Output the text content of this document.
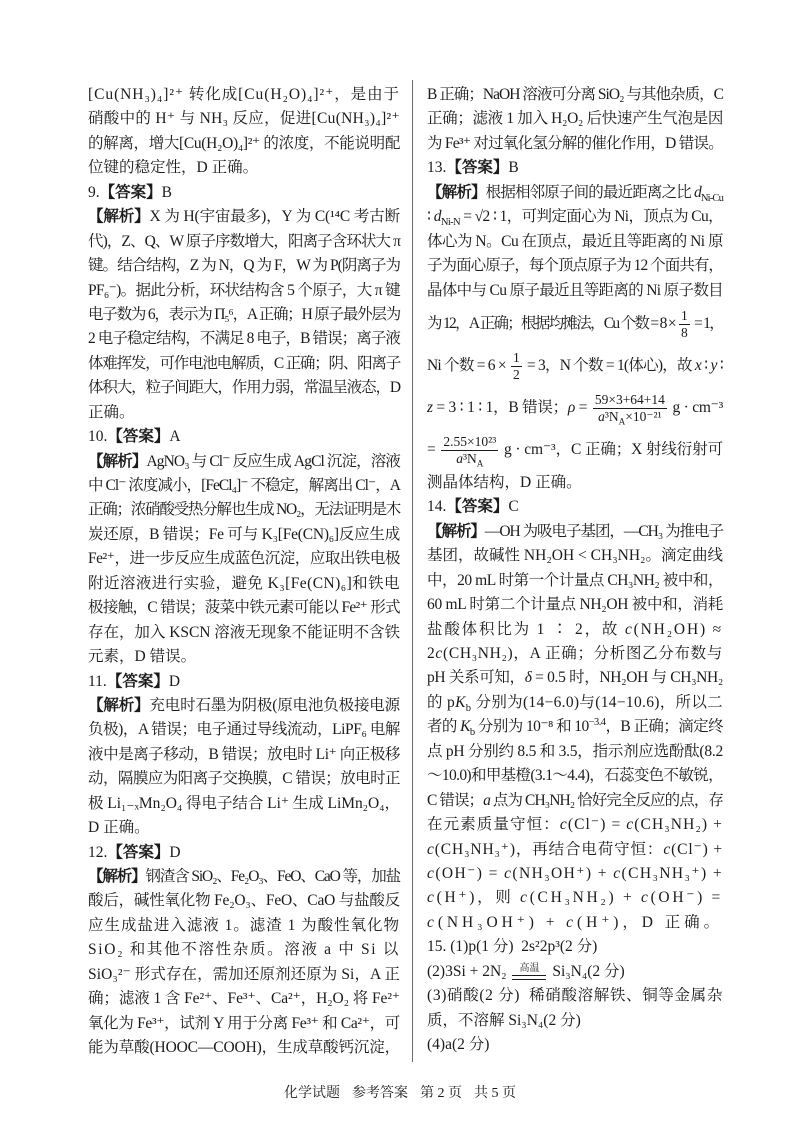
[Cu(NH₃)₄]²⁺ 转化成[Cu(H₂O)₄]²⁺，是由于
硝酸中的 H⁺ 与 NH₃ 反应，促进[Cu(NH₃)₄]²⁺
的解离，增大[Cu(H₂O)₄]²⁺ 的浓度，不能说明配
位键的稳定性，D 正确。
9.【答案】B
【解析】X 为 H(宇宙最多)，Y 为 C(¹⁴C 考古断
代)，Z、Q、W 原子序数增大，阳离子含环状大 π
键。结合结构，Z 为 N，Q 为 F，W 为 P(阴离子为
PF₆⁻)。据此分析，环状结构含 5 个原子，大 π 键
电子数为 6，表示为 Π₅⁶，A 正确；H 原子最外层为
2 电子稳定结构，不满足 8 电子，B 错误；离子液
体难挥发，可作电池电解质，C 正确；阴、阳离子
体积大，粒子间距大，作用力弱，常温呈液态，D
正确。
10.【答案】A
【解析】AgNO₃ 与 Cl⁻ 反应生成 AgCl 沉淀，溶液
中 Cl⁻ 浓度减小，[FeCl₄]⁻ 不稳定，解离出 Cl⁻，A
正确；浓硝酸受热分解也生成 NO₂，无法证明是木
炭还原，B 错误；Fe 可与 K₃[Fe(CN)₆]反应生成
Fe²⁺，进一步反应生成蓝色沉淀，应取出铁电极
附近溶液进行实验，避免 K₃[Fe(CN)₆]和铁电
极接触，C 错误；菠菜中铁元素可能以 Fe²⁺ 形式
存在，加入 KSCN 溶液无现象不能证明不含铁
元素，D 错误。
11.【答案】D
【解析】充电时石墨为阴极(原电池负极接电源
负极)，A 错误；电子通过导线流动，LiPF₆ 电解
液中是离子移动，B 错误；放电时 Li⁺ 向正极移
动，隔膜应为阳离子交换膜，C 错误；放电时正
极 Li₁₋ₓMn₂O₄ 得电子结合 Li⁺ 生成 LiMn₂O₄，
D 正确。
12.【答案】D
【解析】钢渣含 SiO₂、Fe₂O₃、FeO、CaO 等，加盐
酸后，碱性氧化物 Fe₂O₃、FeO、CaO 与盐酸反
应生成盐进入滤液 1。滤渣 1 为酸性氧化物
SiO₂ 和其他不溶性杂质。溶液 a 中 Si 以
SiO₃²⁻ 形式存在，需加还原剂还原为 Si，A 正
确；滤液 1 含 Fe²⁺、Fe³⁺、Ca²⁺，H₂O₂ 将 Fe²⁺
氧化为 Fe³⁺，试剂 Y 用于分离 Fe³⁺ 和 Ca²⁺，可
能为草酸(HOOC—COOH)，生成草酸钙沉淀，
B 正确；NaOH 溶液可分离 SiO₂ 与其他杂质，C
正确；滤液 1 加入 H₂O₂ 后快速产生气泡是因
为 Fe³⁺ 对过氧化氢分解的催化作用，D 错误。
13.【答案】B
【解析】根据相邻原子间的最近距离之比 $d_{Ni-Cu}$
∶ $d_{Ni-N} = √2$ ∶ 1，可判定面心为 Ni，顶点为 Cu，
体心为 N。Cu 在顶点，最近且等距离的 Ni 原
子为面心原子，每个顶点原子为 12 个面共有，
晶体中与 Cu 原子最近且等距离的 Ni 原子数目
为 12，A 正确；根据均摊法，Cu 个数 = $8 \times \frac{1}{8} = 1$，
Ni 个数 = $6 \times \frac{1}{2} = 3$，N 个数 = 1(体心)，故 x ∶ y ∶
z = 3 ∶ 1 ∶ 1，B 错误；$\rho = \frac{59\times 3+64+14}{a^3N_A\times 10^{-21}}$ g · cm⁻³
= $\frac{\text{2.55×10²³}}{a^3N_A}$ g · cm⁻³，C 正确；X 射线衍射可
测晶体结构，D 正确。
14.【答案】C
【解析】—OH 为吸电子基团，—CH₃ 为推电子
基团，故碱性 NH₂OH < CH₃NH₂。滴定曲线
中，20 mL 时第一个计量点 CH₃NH₂ 被中和，
60 mL 时第二个计量点 NH₂OH 被中和，消耗
盐酸体积比为 1 ∶ 2，故 c(NH₂OH) ≈
2c(CH₃NH₂)，A 正确；分析图乙分布数与
pH 关系可知，δ = 0.5 时，NH₂OH 与 CH₃NH₂
的 $pK_b$ 分别为(14−6.0)与(14−10.6)，所以二
者的 $K_b$ 分别为 10⁻⁸ 和 $10^{-3.4}$，B 正确；滴定终
点 pH 分别约 8.5 和 3.5，指示剂应选酚酞(8.2
～10.0)和甲基橙(3.1～4.4)，石蕊变色不敏锐，
C 错误；a 点为 CH₃NH₂ 恰好完全反应的点，存
在元素质量守恒：c(Cl⁻) = c(CH₃NH₂) +
c(CH₃NH₃⁺)，再结合电荷守恒：c(Cl⁻) +
c(OH⁻) = c(NH₃OH⁺) + c(CH₃NH₃⁺) +
c(H⁺)，则 c(CH₃NH₂) + c(OH⁻) =
c(NH₃OH⁺) + c(H⁺)，D 正确。
15. (1)p(1 分)  2s²2p³(2 分)
(2)3Si + 2N₂ 高温 Si₃N₄(2 分)
(3)硝酸(2 分)  稀硝酸溶解铁、铜等金属杂
质，不溶解 Si₃N₄(2 分)
(4)a(2 分)
化学试题 参考答案 第 2 页 共 5 页
